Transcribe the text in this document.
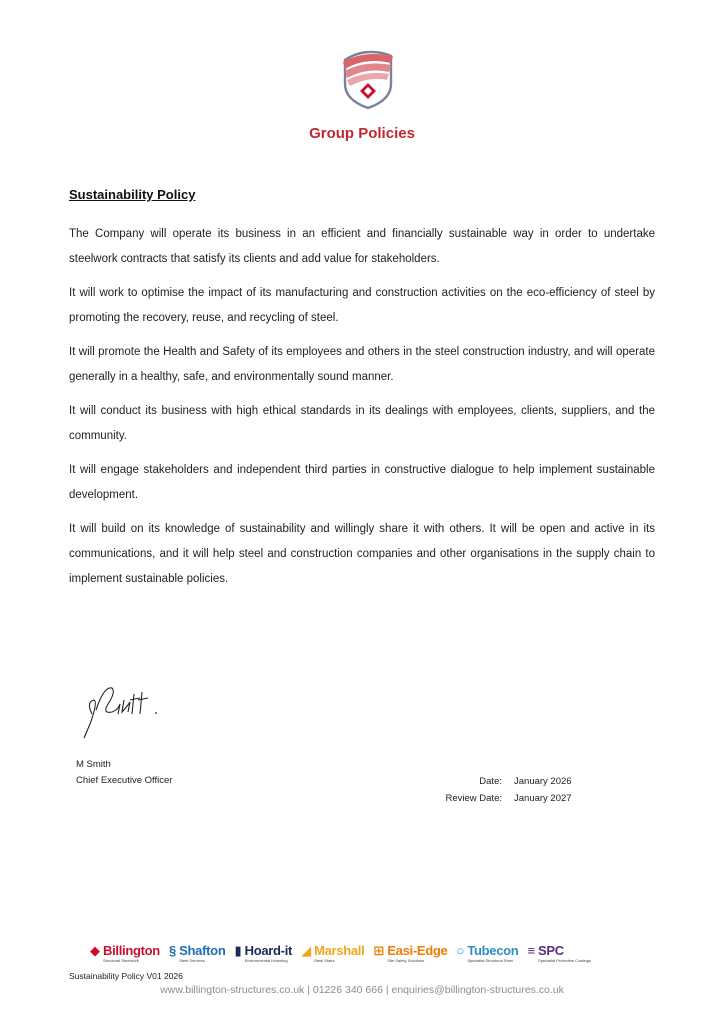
Group Policies
Sustainability Policy

The Company will operate its business in an efficient and financially sustainable way in order to undertake steelwork contracts that satisfy its clients and add value for stakeholders.

It will work to optimise the impact of its manufacturing and construction activities on the eco-efficiency of steel by promoting the recovery, reuse, and recycling of steel.

It will promote the Health and Safety of its employees and others in the steel construction industry, and will operate generally in a healthy, safe, and environmentally sound manner.

It will conduct its business with high ethical standards in its dealings with employees, clients, suppliers, and the community.

It will engage stakeholders and independent third parties in constructive dialogue to help implement sustainable development.

It will build on its knowledge of sustainability and willingly share it with others. It will be open and active in its communications, and it will help steel and construction companies and other organisations in the supply chain to implement sustainable policies.

M Smith
Chief Executive Officer	Date: January 2026
Review Date: January 2027
◆ Billington
Structural Steelwork
§ Shafton
Steel Services
▮ Hoard-it
Environmental Hoarding
◢ Marshall
Steel Stairs
⊞ Easi-Edge
Site Safety Solutions
○ Tubecon
Specialist Structural Steel
≡ SPC
Specialist Protective Coatings
Sustainability Policy V01 2026
www.billington-structures.co.uk | 01226 340 666 | enquiries@billington-structures.co.uk
